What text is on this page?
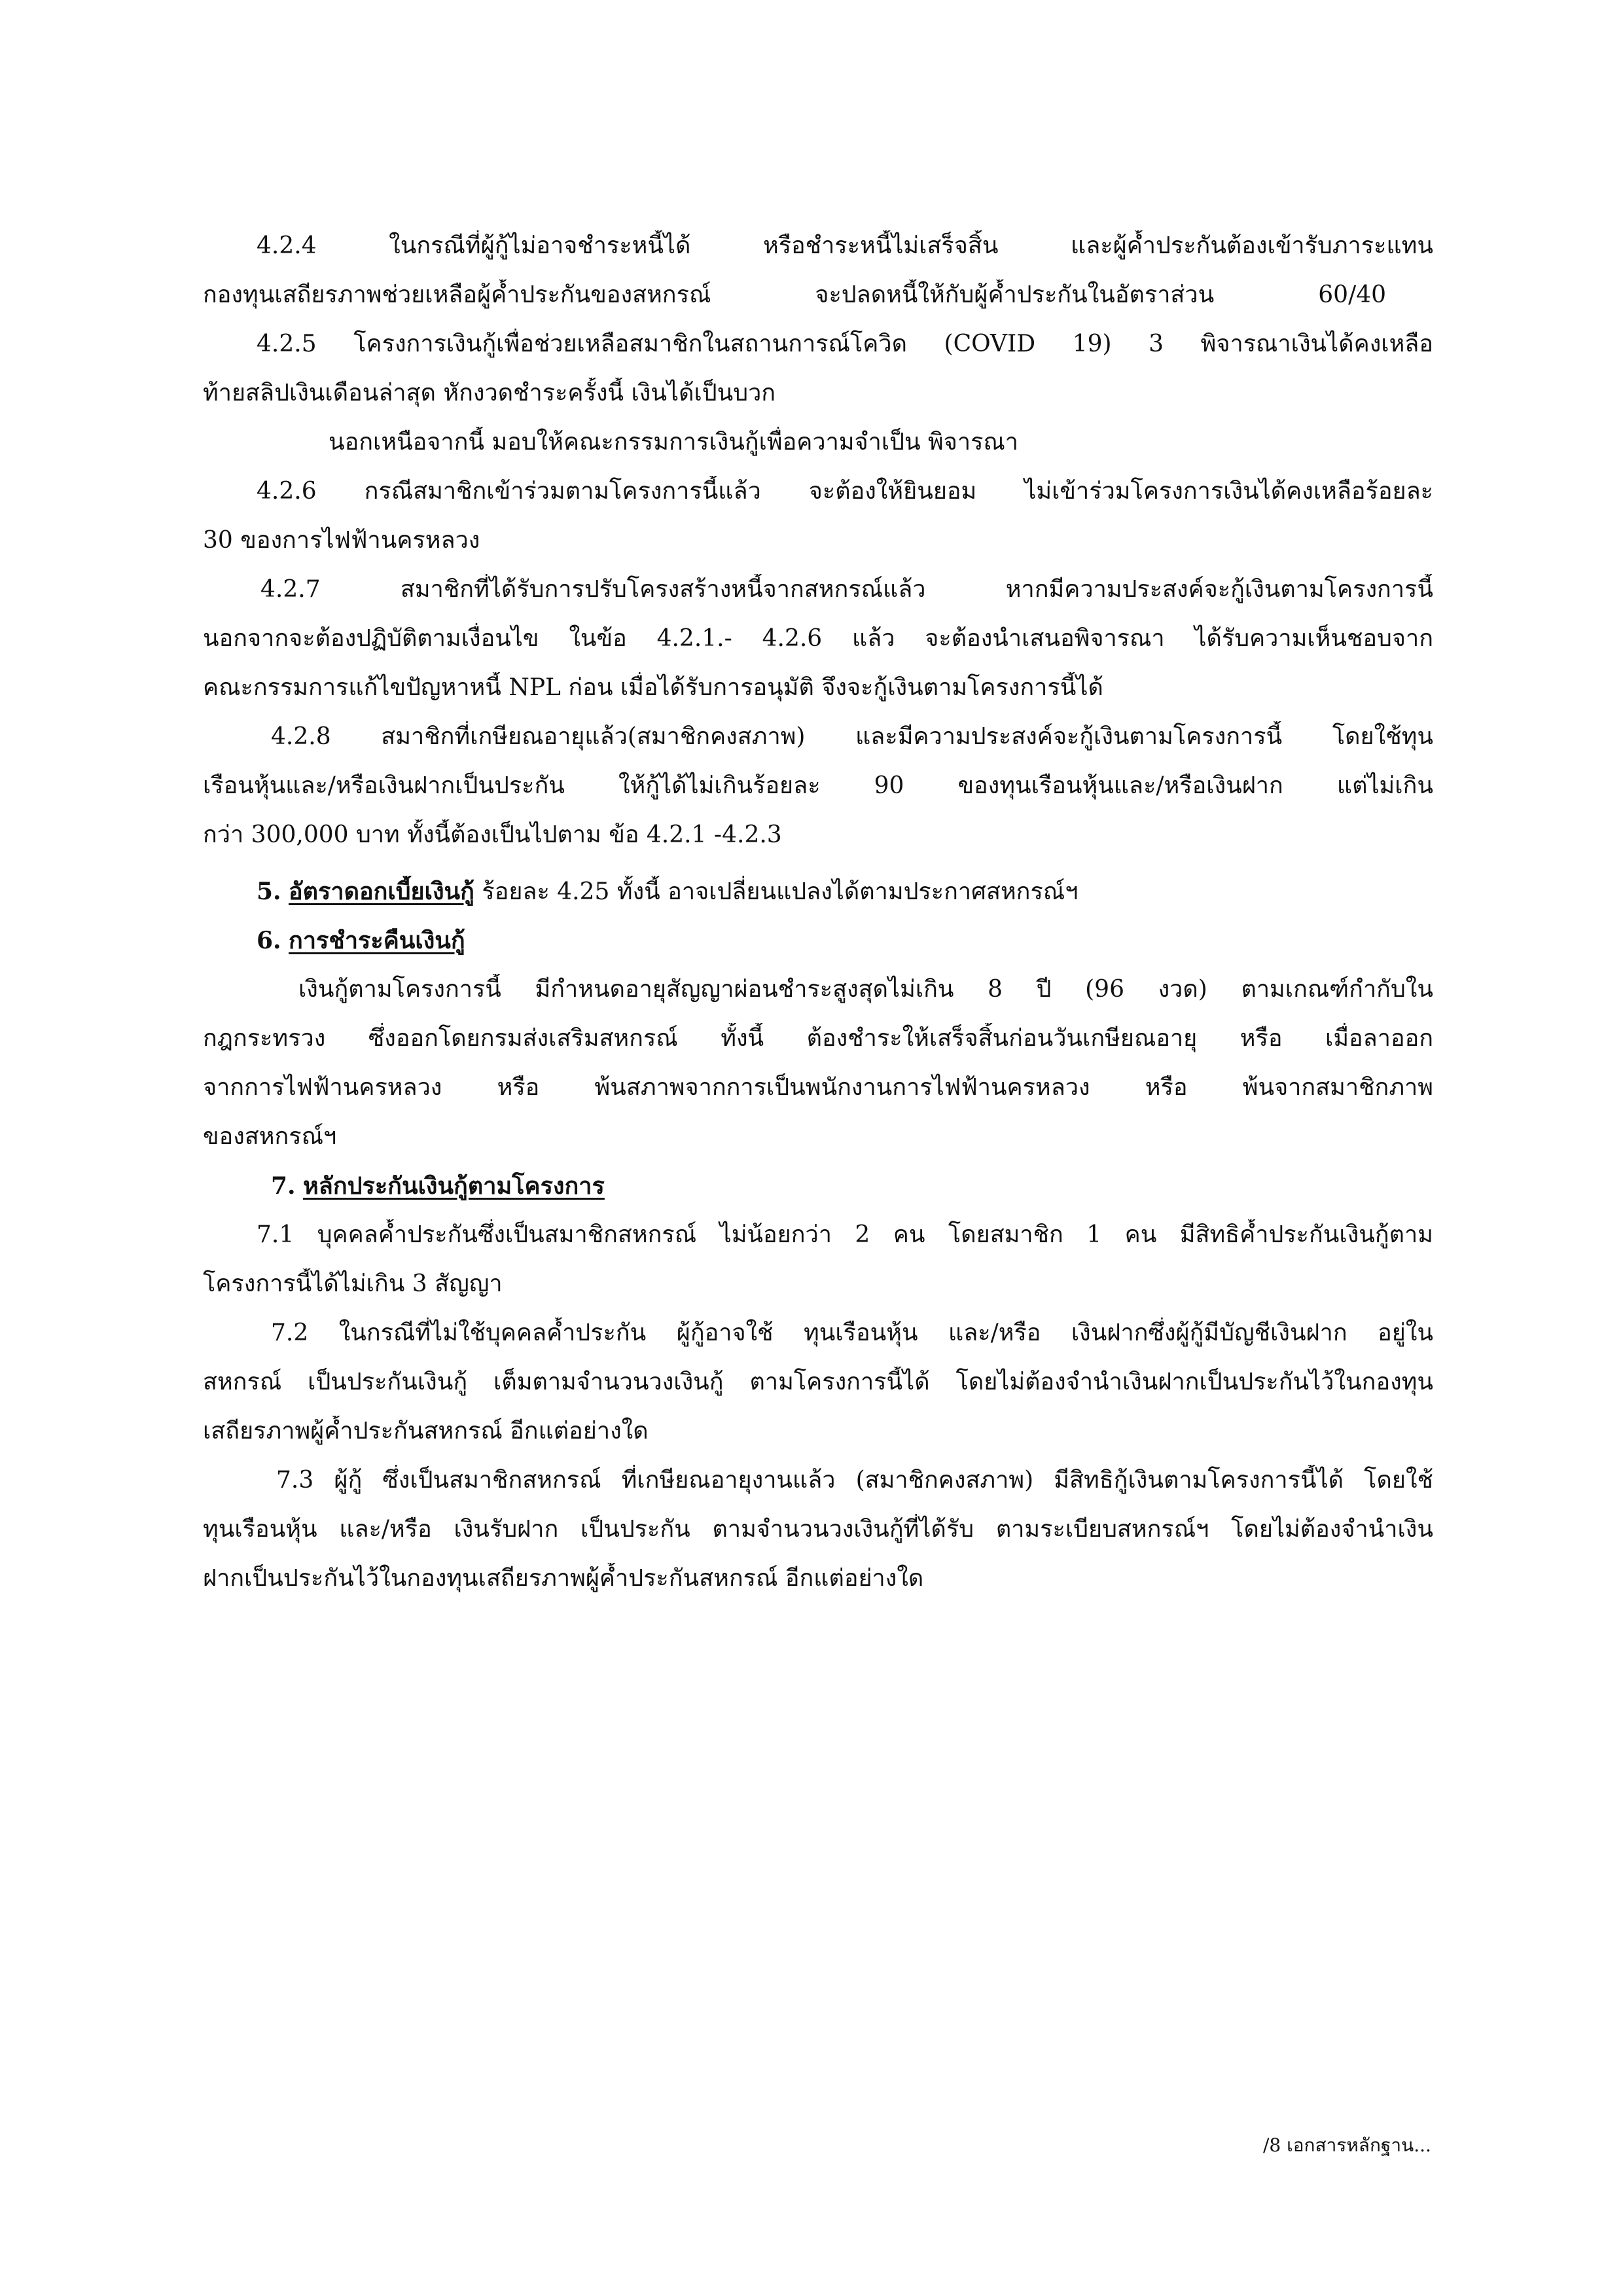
4.2.4 ในกรณีที่ผู้กู้ไม่อาจชำระหนี้ได้ หรือชำระหนี้ไม่เสร็จสิ้น และผู้ค้ำประกันต้องเข้ารับภาระแทน
กองทุนเสถียรภาพช่วยเหลือผู้ค้ำประกันของสหกรณ์ จะปลดหนี้ให้กับผู้ค้ำประกันในอัตราส่วน 60/40
4.2.5 โครงการเงินกู้เพื่อช่วยเหลือสมาชิกในสถานการณ์โควิด (COVID 19) 3 พิจารณาเงินได้คงเหลือ
ท้ายสลิปเงินเดือนล่าสุด หักงวดชำระครั้งนี้ เงินได้เป็นบวก
นอกเหนือจากนี้ มอบให้คณะกรรมการเงินกู้เพื่อความจำเป็น พิจารณา
4.2.6 กรณีสมาชิกเข้าร่วมตามโครงการนี้แล้ว จะต้องให้ยินยอม ไม่เข้าร่วมโครงการเงินได้คงเหลือร้อยละ
30 ของการไฟฟ้านครหลวง
4.2.7 สมาชิกที่ได้รับการปรับโครงสร้างหนี้จากสหกรณ์แล้ว หากมีความประสงค์จะกู้เงินตามโครงการนี้
นอกจากจะต้องปฏิบัติตามเงื่อนไข ในข้อ 4.2.1.- 4.2.6 แล้ว จะต้องนำเสนอพิจารณา ได้รับความเห็นชอบจาก
คณะกรรมการแก้ไขปัญหาหนี้ NPL ก่อน เมื่อได้รับการอนุมัติ จึงจะกู้เงินตามโครงการนี้ได้
4.2.8 สมาชิกที่เกษียณอายุแล้ว(สมาชิกคงสภาพ) และมีความประสงค์จะกู้เงินตามโครงการนี้ โดยใช้ทุน
เรือนหุ้นและ/หรือเงินฝากเป็นประกัน ให้กู้ได้ไม่เกินร้อยละ 90 ของทุนเรือนหุ้นและ/หรือเงินฝาก แต่ไม่เกิน
กว่า 300,000 บาท ทั้งนี้ต้องเป็นไปตาม ข้อ 4.2.1 -4.2.3
5. อัตราดอกเบี้ยเงินกู้ ร้อยละ 4.25 ทั้งนี้ อาจเปลี่ยนแปลงได้ตามประกาศสหกรณ์ฯ
6. การชำระคืนเงินกู้
เงินกู้ตามโครงการนี้ มีกำหนดอายุสัญญาผ่อนชำระสูงสุดไม่เกิน 8 ปี (96 งวด) ตามเกณฑ์กำกับใน
กฎกระทรวง ซึ่งออกโดยกรมส่งเสริมสหกรณ์ ทั้งนี้ ต้องชำระให้เสร็จสิ้นก่อนวันเกษียณอายุ หรือ เมื่อลาออก
จากการไฟฟ้านครหลวง หรือ พ้นสภาพจากการเป็นพนักงานการไฟฟ้านครหลวง หรือ พ้นจากสมาชิกภาพ
ของสหกรณ์ฯ
7. หลักประกันเงินกู้ตามโครงการ
7.1 บุคคลค้ำประกันซึ่งเป็นสมาชิกสหกรณ์ ไม่น้อยกว่า 2 คน โดยสมาชิก 1 คน มีสิทธิค้ำประกันเงินกู้ตาม
โครงการนี้ได้ไม่เกิน 3 สัญญา
7.2 ในกรณีที่ไม่ใช้บุคคลค้ำประกัน ผู้กู้อาจใช้ ทุนเรือนหุ้น และ/หรือ เงินฝากซึ่งผู้กู้มีบัญชีเงินฝาก อยู่ใน
สหกรณ์ เป็นประกันเงินกู้ เต็มตามจำนวนวงเงินกู้ ตามโครงการนี้ได้ โดยไม่ต้องจำนำเงินฝากเป็นประกันไว้ในกองทุน
เสถียรภาพผู้ค้ำประกันสหกรณ์ อีกแต่อย่างใด
7.3 ผู้กู้ ซึ่งเป็นสมาชิกสหกรณ์ ที่เกษียณอายุงานแล้ว (สมาชิกคงสภาพ) มีสิทธิกู้เงินตามโครงการนี้ได้ โดยใช้
ทุนเรือนหุ้น และ/หรือ เงินรับฝาก เป็นประกัน ตามจำนวนวงเงินกู้ที่ได้รับ ตามระเบียบสหกรณ์ฯ โดยไม่ต้องจำนำเงิน
ฝากเป็นประกันไว้ในกองทุนเสถียรภาพผู้ค้ำประกันสหกรณ์ อีกแต่อย่างใด
/8 เอกสารหลักฐาน...
